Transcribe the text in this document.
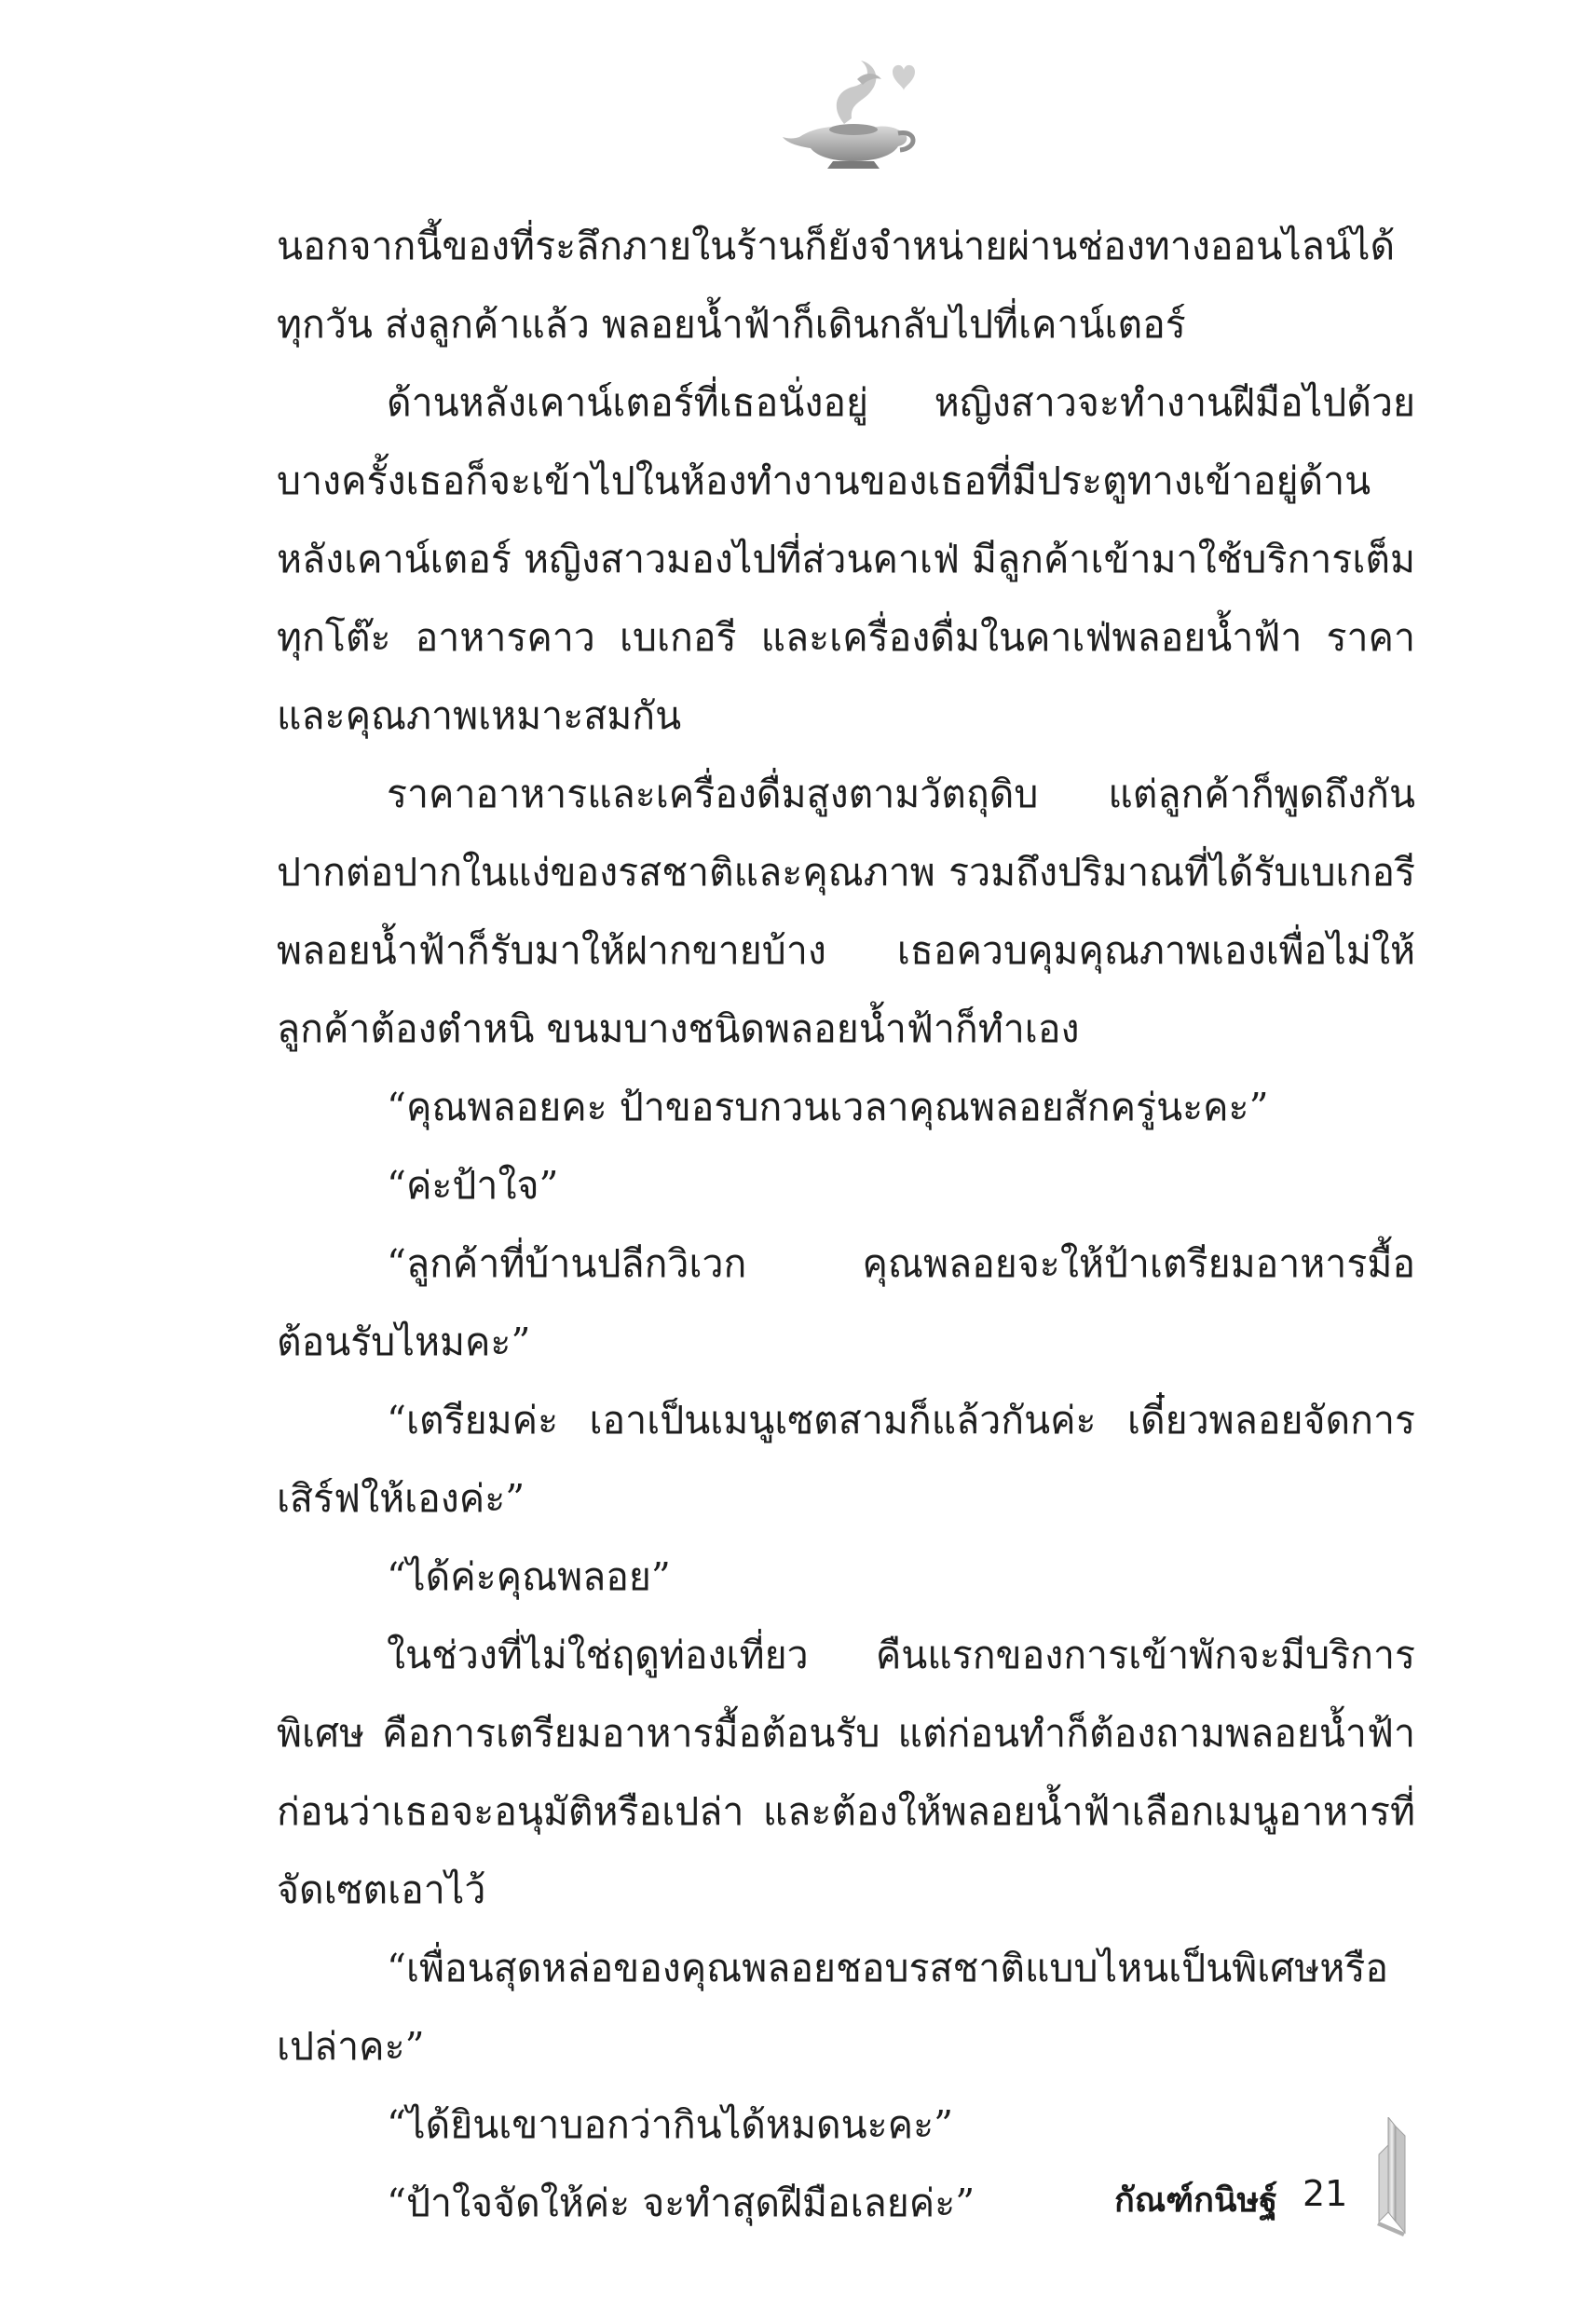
นอกจากนี้ของที่ระลึกภายในร้านก็ยังจำหน่ายผ่านช่องทางออนไลน์ได้ทุกวัน ส่งลูกค้าแล้ว พลอยน้ำฟ้าก็เดินกลับไปที่เคาน์เตอร์

ด้านหลังเคาน์เตอร์ที่เธอนั่งอยู่ หญิงสาวจะทำงานฝีมือไปด้วยบางครั้งเธอก็จะเข้าไปในห้องทำงานของเธอที่มีประตูทางเข้าอยู่ด้านหลังเคาน์เตอร์ หญิงสาวมองไปที่ส่วนคาเฟ่ มีลูกค้าเข้ามาใช้บริการเต็มทุกโต๊ะ อาหารคาว เบเกอรี และเครื่องดื่มในคาเฟ่พลอยน้ำฟ้า ราคาและคุณภาพเหมาะสมกัน

ราคาอาหารและเครื่องดื่มสูงตามวัตถุดิบ แต่ลูกค้าก็พูดถึงกันปากต่อปากในแง่ของรสชาติและคุณภาพ รวมถึงปริมาณที่ได้รับเบเกอรีพลอยน้ำฟ้าก็รับมาให้ฝากขายบ้าง เธอควบคุมคุณภาพเองเพื่อไม่ให้ลูกค้าต้องตำหนิ ขนมบางชนิดพลอยน้ำฟ้าก็ทำเอง

“คุณพลอยคะ ป้าขอรบกวนเวลาคุณพลอยสักครู่นะคะ”

“ค่ะป้าใจ”

“ลูกค้าที่บ้านปลีกวิเวก คุณพลอยจะให้ป้าเตรียมอาหารมื้อต้อนรับไหมคะ”

“เตรียมค่ะ เอาเป็นเมนูเซตสามก็แล้วกันค่ะ เดี๋ยวพลอยจัดการเสิร์ฟให้เองค่ะ”

“ได้ค่ะคุณพลอย”

ในช่วงที่ไม่ใช่ฤดูท่องเที่ยว คืนแรกของการเข้าพักจะมีบริการพิเศษ คือการเตรียมอาหารมื้อต้อนรับ แต่ก่อนทำก็ต้องถามพลอยน้ำฟ้าก่อนว่าเธอจะอนุมัติหรือเปล่า และต้องให้พลอยน้ำฟ้าเลือกเมนูอาหารที่จัดเซตเอาไว้

“เพื่อนสุดหล่อของคุณพลอยชอบรสชาติแบบไหนเป็นพิเศษหรือเปล่าคะ”

“ได้ยินเขาบอกว่ากินได้หมดนะคะ”

“ป้าใจจัดให้ค่ะ จะทำสุดฝีมือเลยค่ะ”	กัณฑ์กนิษฐ์ 21
